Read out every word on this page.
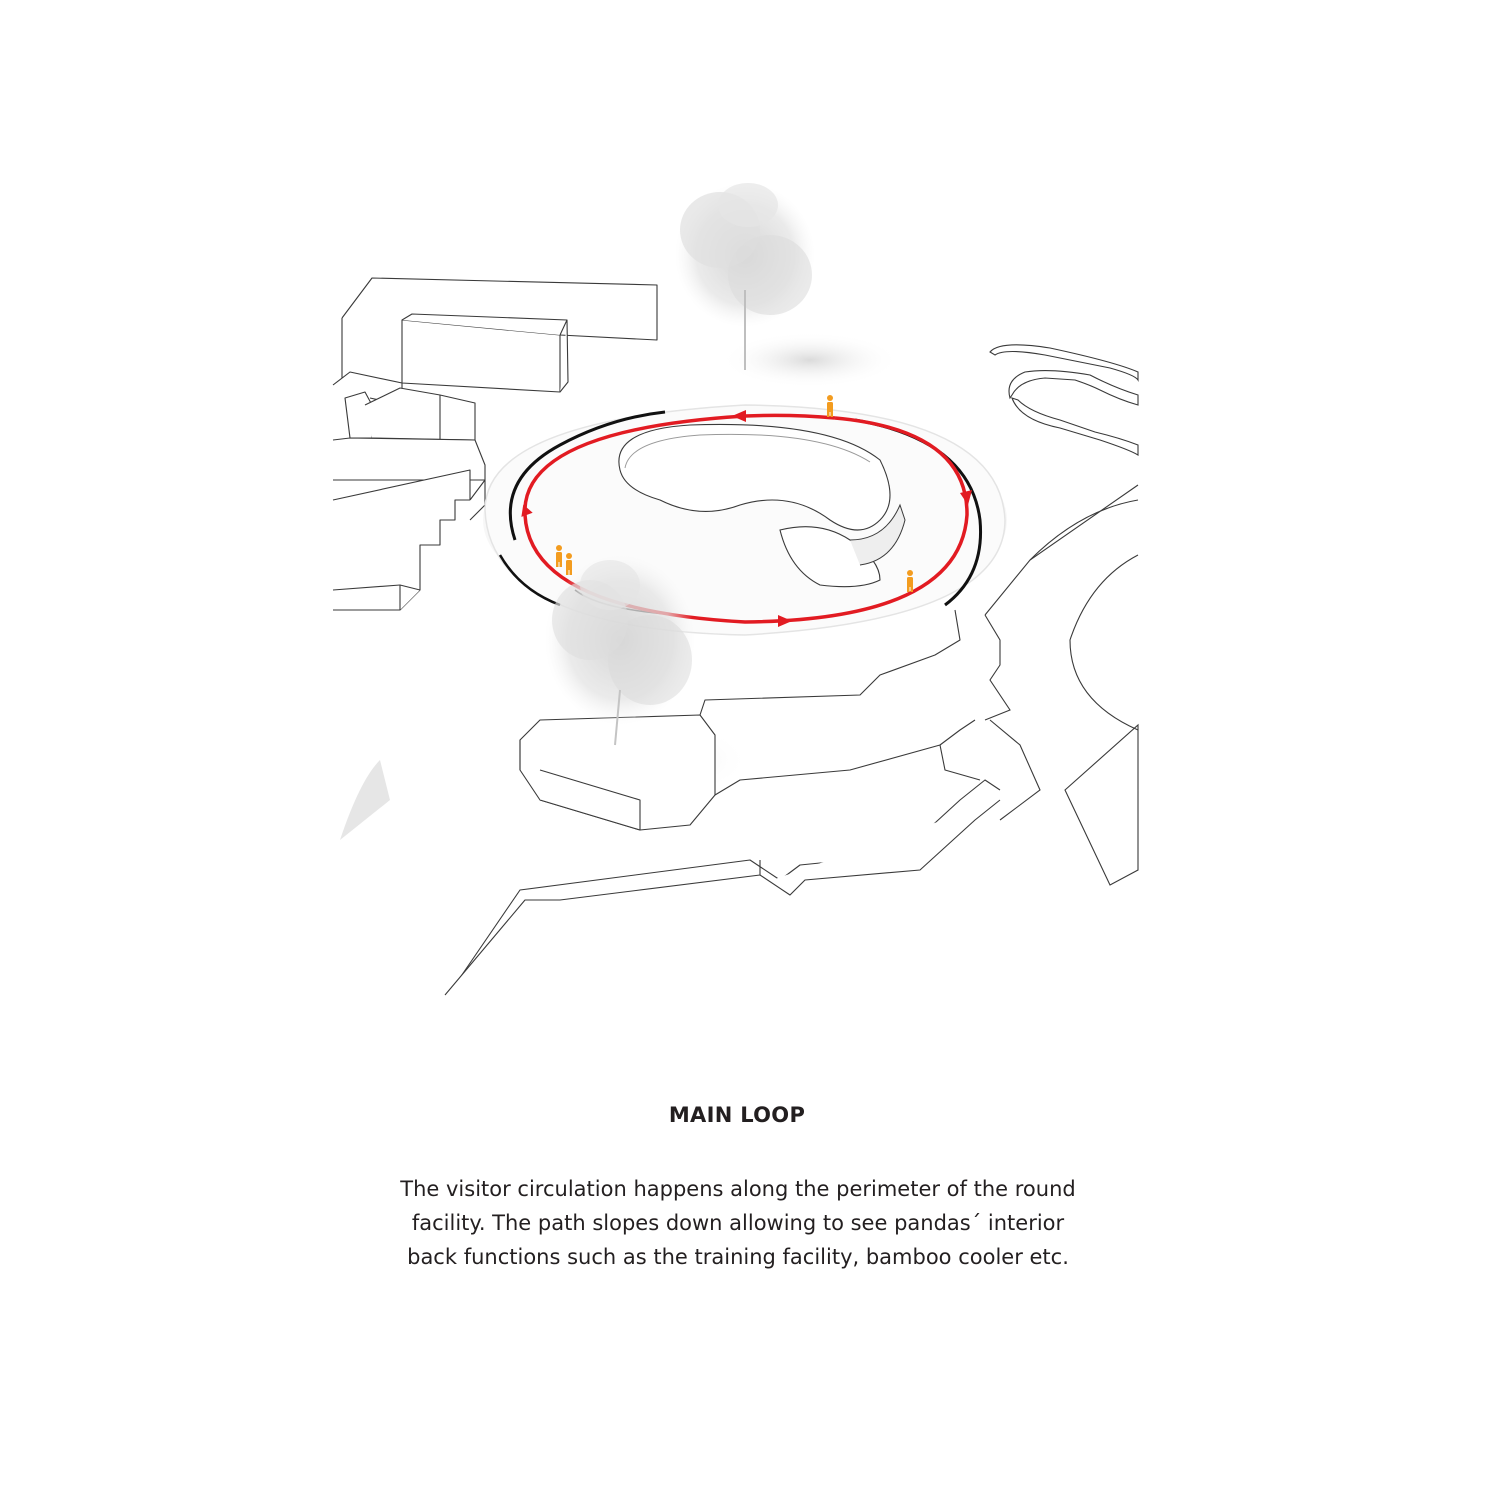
MAIN LOOP
The visitor circulation happens along the perimeter of the round
facility. The path slopes down allowing to see pandas´ interior
back functions such as the training facility, bamboo cooler etc.
